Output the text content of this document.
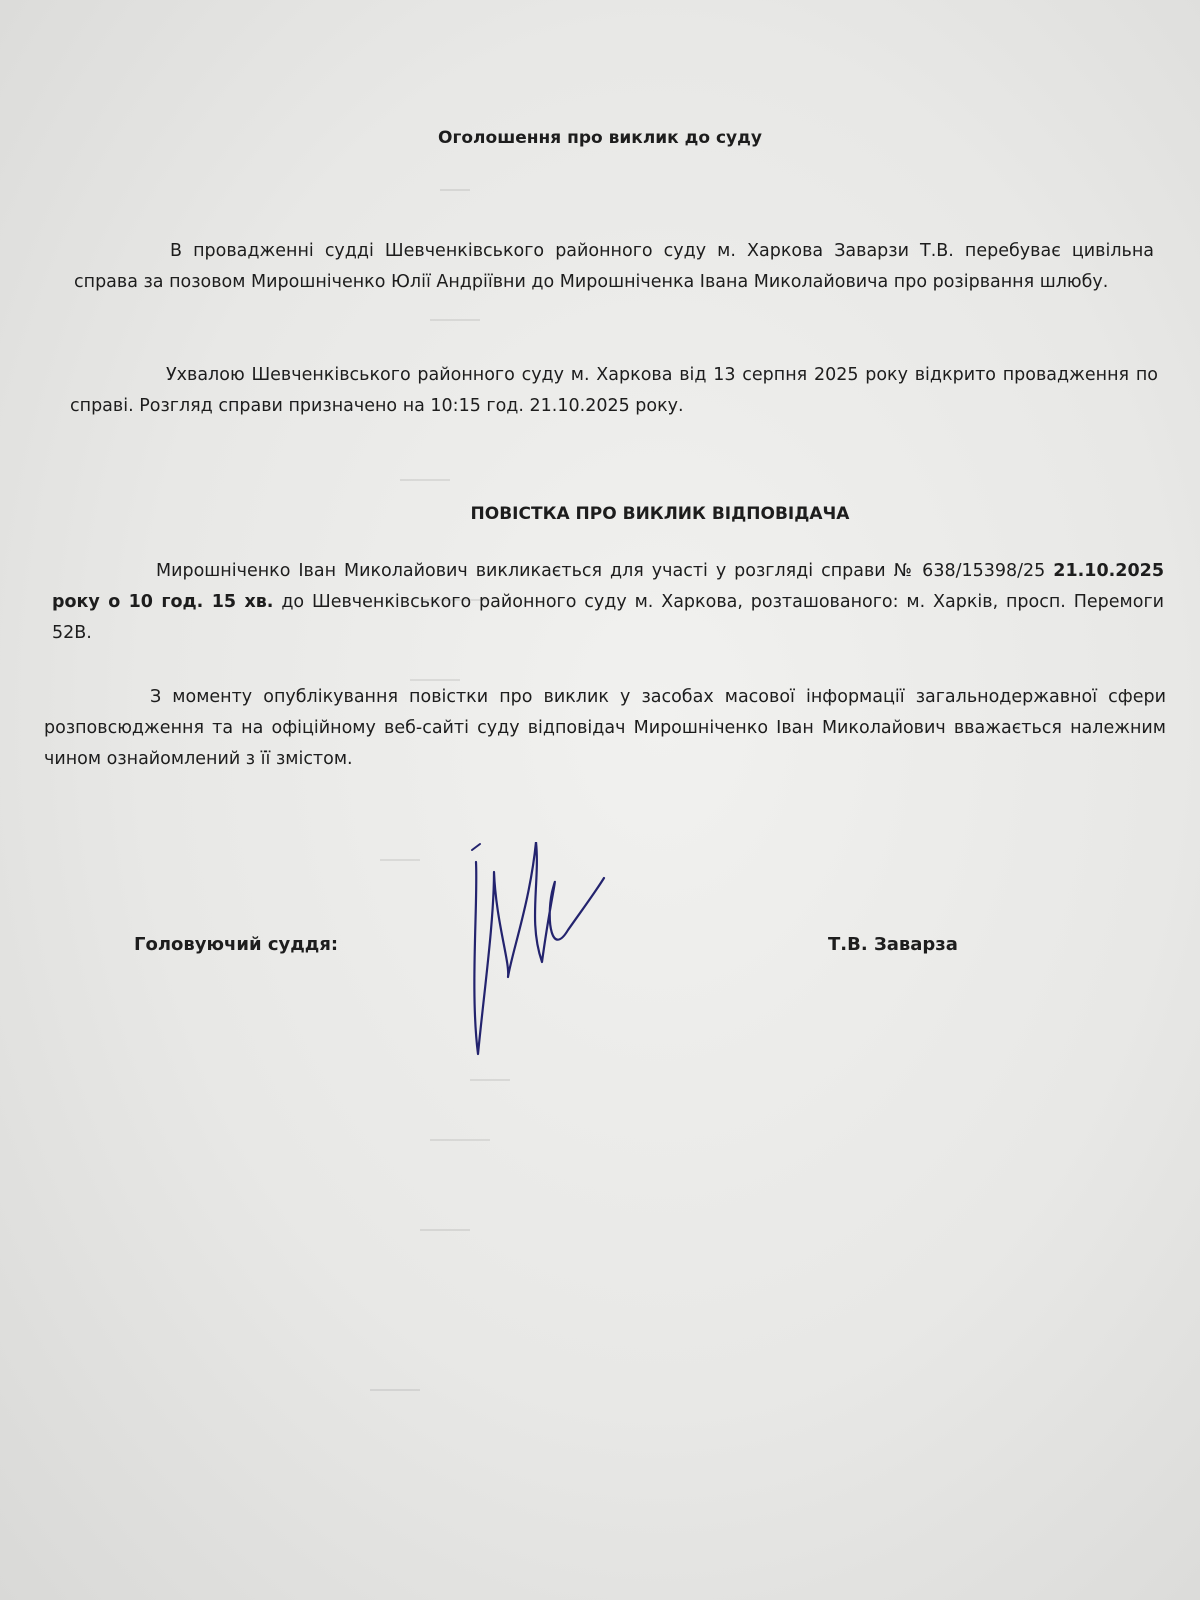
Оголошення про виклик до суду

В провадженні судді Шевченківського районного суду м. Харкова Заварзи Т.В. перебуває цивільна справа за позовом Мирошніченко Юлії Андріївни до Мирошніченка Івана Миколайовича про розірвання шлюбу.

Ухвалою Шевченківського районного суду м. Харкова від 13 серпня 2025 року відкрито провадження по справі. Розгляд справи призначено на 10:15 год. 21.10.2025 року.

ПОВІСТКА ПРО ВИКЛИК ВІДПОВІДАЧА

Мирошніченко Іван Миколайович викликається для участі у розгляді справи № 638/15398/25 21.10.2025 року о 10 год. 15 хв. до Шевченківського районного суду м. Харкова, розташованого: м. Харків, просп. Перемоги 52В.

З моменту опублікування повістки про виклик у засобах масової інформації загальнодержавної сфери розповсюдження та на офіційному веб-сайті суду відповідач Мирошніченко Іван Миколайович вважається належним чином ознайомлений з її змістом.

Головуючий суддя:	Т.В. Заварза
